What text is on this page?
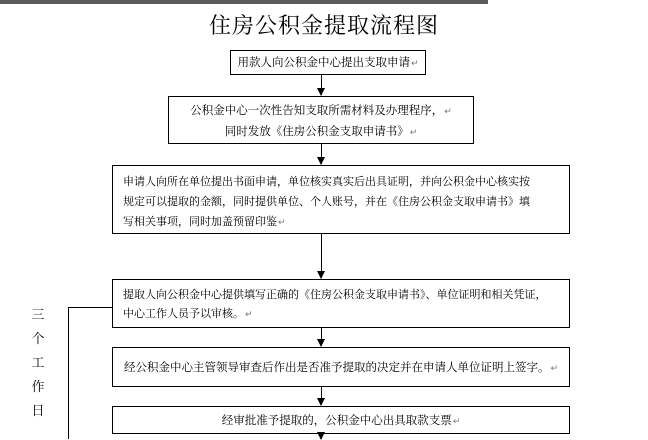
住房公积金提取流程图
用款人向公积金中心提出支取申请↵
公积金中心一次性告知支取所需材料及办理程序，↵
同时发放《住房公积金支取申请书》↵
申请人向所在单位提出书面申请，单位核实真实后出具证明，并向公积金中心核实按
规定可以提取的金额，同时提供单位、个人账号，并在《住房公积金支取申请书》填
写相关事项，同时加盖预留印鉴↵
提取人向公积金中心提供填写正确的《住房公积金支取申请书》、单位证明和相关凭证，
中心工作人员予以审核。↵
经公积金中心主管领导审查后作出是否准予提取的决定并在申请人单位证明上签字。↵
经审批准予提取的，公积金中心出具取款支票↵
三
个
工
作
日
